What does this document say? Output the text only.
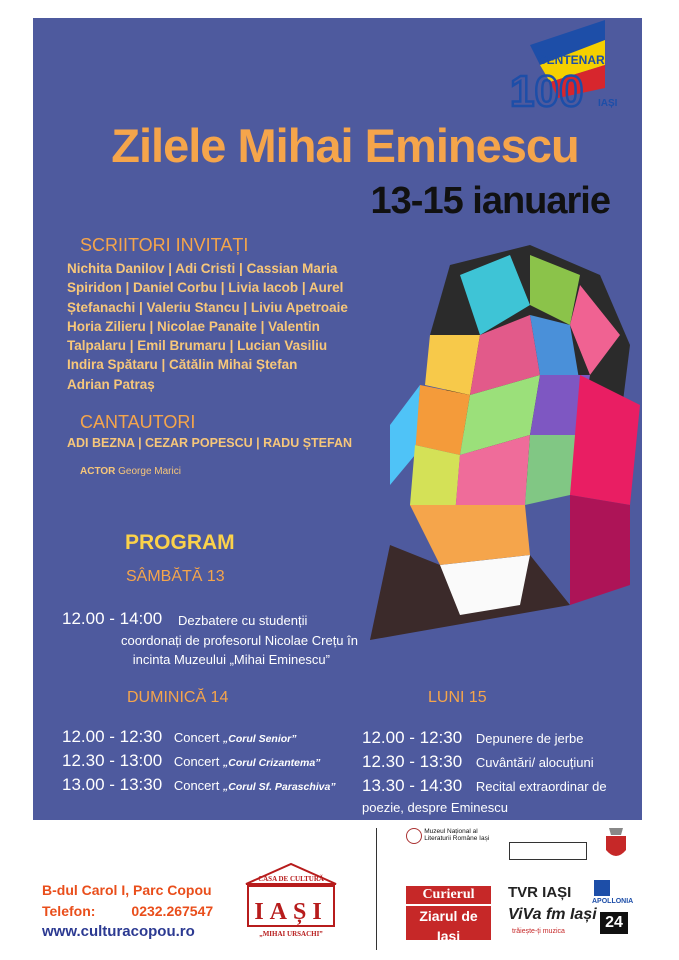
CENTENAR
100 IAȘI
Zilele Mihai Eminescu
13-15 ianuarie
SCRIITORI INVITAȚI
Nichita Danilov | Adi Cristi | Cassian Maria
Spiridon | Daniel Corbu | Livia Iacob | Aurel
Ștefanachi | Valeriu Stancu | Liviu Apetroaie
Horia Zilieru | Nicolae Panaite | Valentin
Talpalaru | Emil Brumaru | Lucian Vasiliu
Indira Spătaru | Cătălin Mihai Ștefan
Adrian Patraș
CANTAUTORI
ADI BEZNA | CEZAR POPESCU | RADU ȘTEFAN
ACTOR George Marici
PROGRAM
SÂMBĂTĂ 13
12.00 - 14:00 Dezbatere cu studenții
coordonați de profesorul Nicolae Crețu în
incinta Muzeului „Mihai Eminescu”
DUMINICĂ 14	LUNI 15
12.00 - 12:30 Concert „Corul Senior”
12.30 - 13:00 Concert „Corul Crizantema”
13.00 - 13:30 Concert „Corul Sf. Paraschiva”
12.00 - 12:30 Depunere de jerbe
12.30 - 13:30 Cuvântări/ alocuțiuni
13.30 - 14:30 Recital extraordinar de
poezie, despre Eminescu
B-dul Carol I, Parc Copou
Telefon:	0232.267547
www.culturacopou.ro
CASA DE CULTURĂ
IAȘI
„MIHAI URSACHI”
Muzeul Național al Literaturii Române Iași
Curierul
Ziarul de Iași
liderul presei ieșene
TVR IAȘI
ViVa fm Iași
trăiește-ți muzica
APOLLONIA
24
